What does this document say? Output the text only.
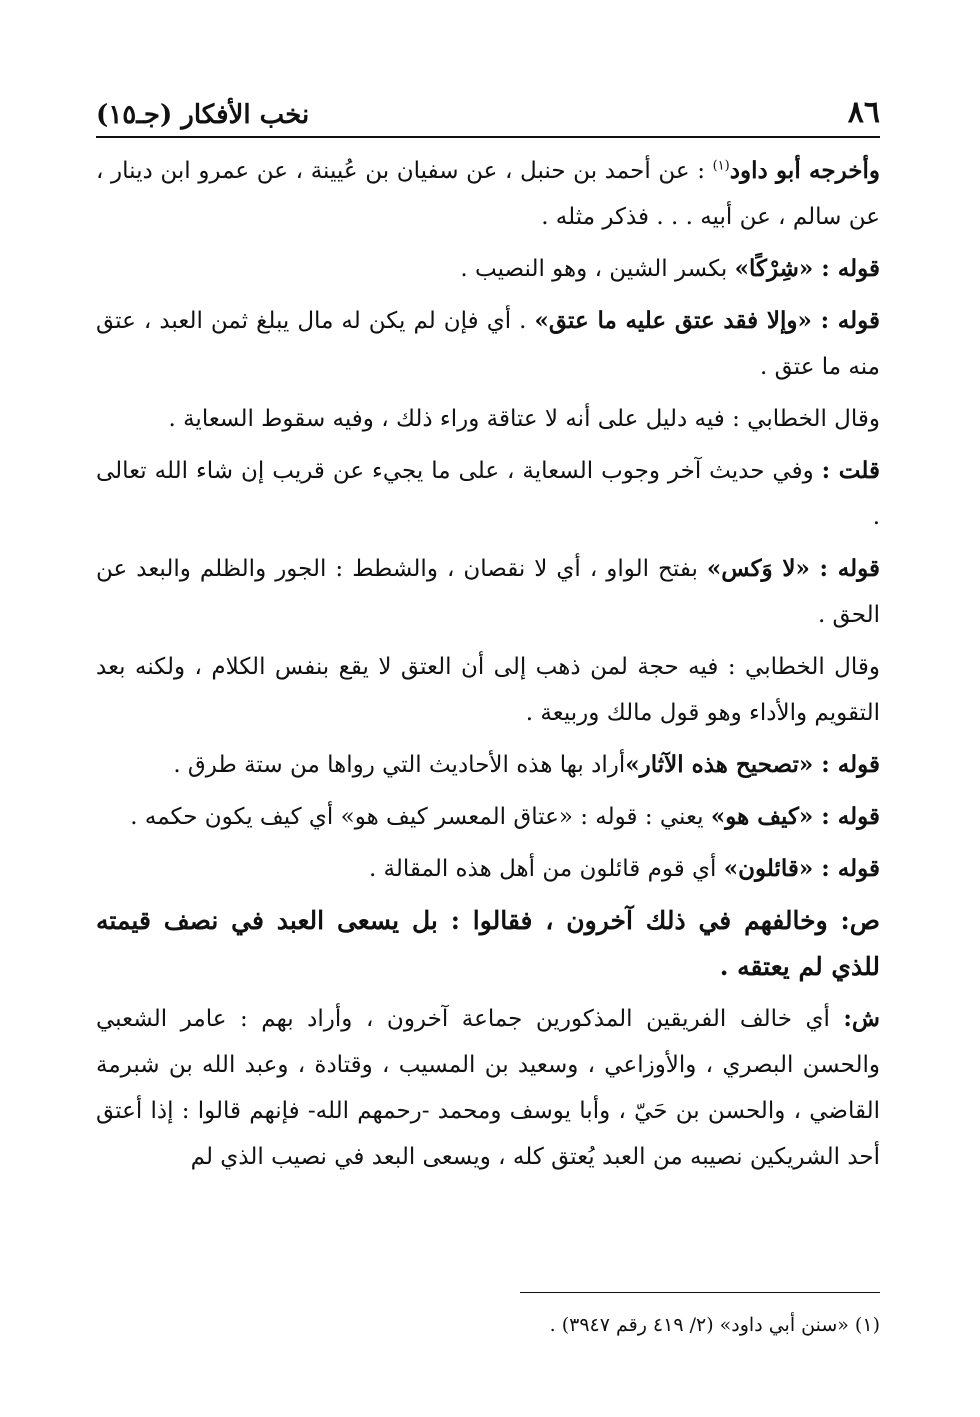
٨٦
نخب الأفكار (جـ١٥)

وأخرجه أبو داود$^{(١)}$ : عن أحمد بن حنبل ، عن سفيان بن عُيينة ، عن عمرو ابن دينار ، عن سالم ، عن أبيه . . . فذكر مثله .

قوله : «شِرْكًا» بكسر الشين ، وهو النصيب .

قوله : «وإلا فقد عتق عليه ما عتق» . أي فإن لم يكن له مال يبلغ ثمن العبد ، عتق منه ما عتق .

وقال الخطابي : فيه دليل على أنه لا عتاقة وراء ذلك ، وفيه سقوط السعاية .

قلت : وفي حديث آخر وجوب السعاية ، على ما يجيء عن قريب إن شاء الله تعالى .

قوله : «لا وَكس» بفتح الواو ، أي لا نقصان ، والشطط : الجور والظلم والبعد عن الحق .

وقال الخطابي : فيه حجة لمن ذهب إلى أن العتق لا يقع بنفس الكلام ، ولكنه بعد التقويم والأداء وهو قول مالك وربيعة .

قوله : «تصحيح هذه الآثار»أراد بها هذه الأحاديث التي رواها من ستة طرق .

قوله : «كيف هو» يعني : قوله : «عتاق المعسر كيف هو» أي كيف يكون حكمه .

قوله : «قائلون» أي قوم قائلون من أهل هذه المقالة .

ص: وخالفهم في ذلك آخرون ، فقالوا : بل يسعى العبد في نصف قيمته للذي لم يعتقه .

ش: أي خالف الفريقين المذكورين جماعة آخرون ، وأراد بهم : عامر الشعبي والحسن البصري ، والأوزاعي ، وسعيد بن المسيب ، وقتادة ، وعبد الله بن شبرمة القاضي ، والحسن بن حَيّ ، وأبا يوسف ومحمد -رحمهم الله- فإنهم قالوا : إذا أعتق أحد الشريكين نصيبه من العبد يُعتق كله ، ويسعى البعد في نصيب الذي لم

(١) «سنن أبي داود» (٢/ ٤١٩ رقم ٣٩٤٧) .
